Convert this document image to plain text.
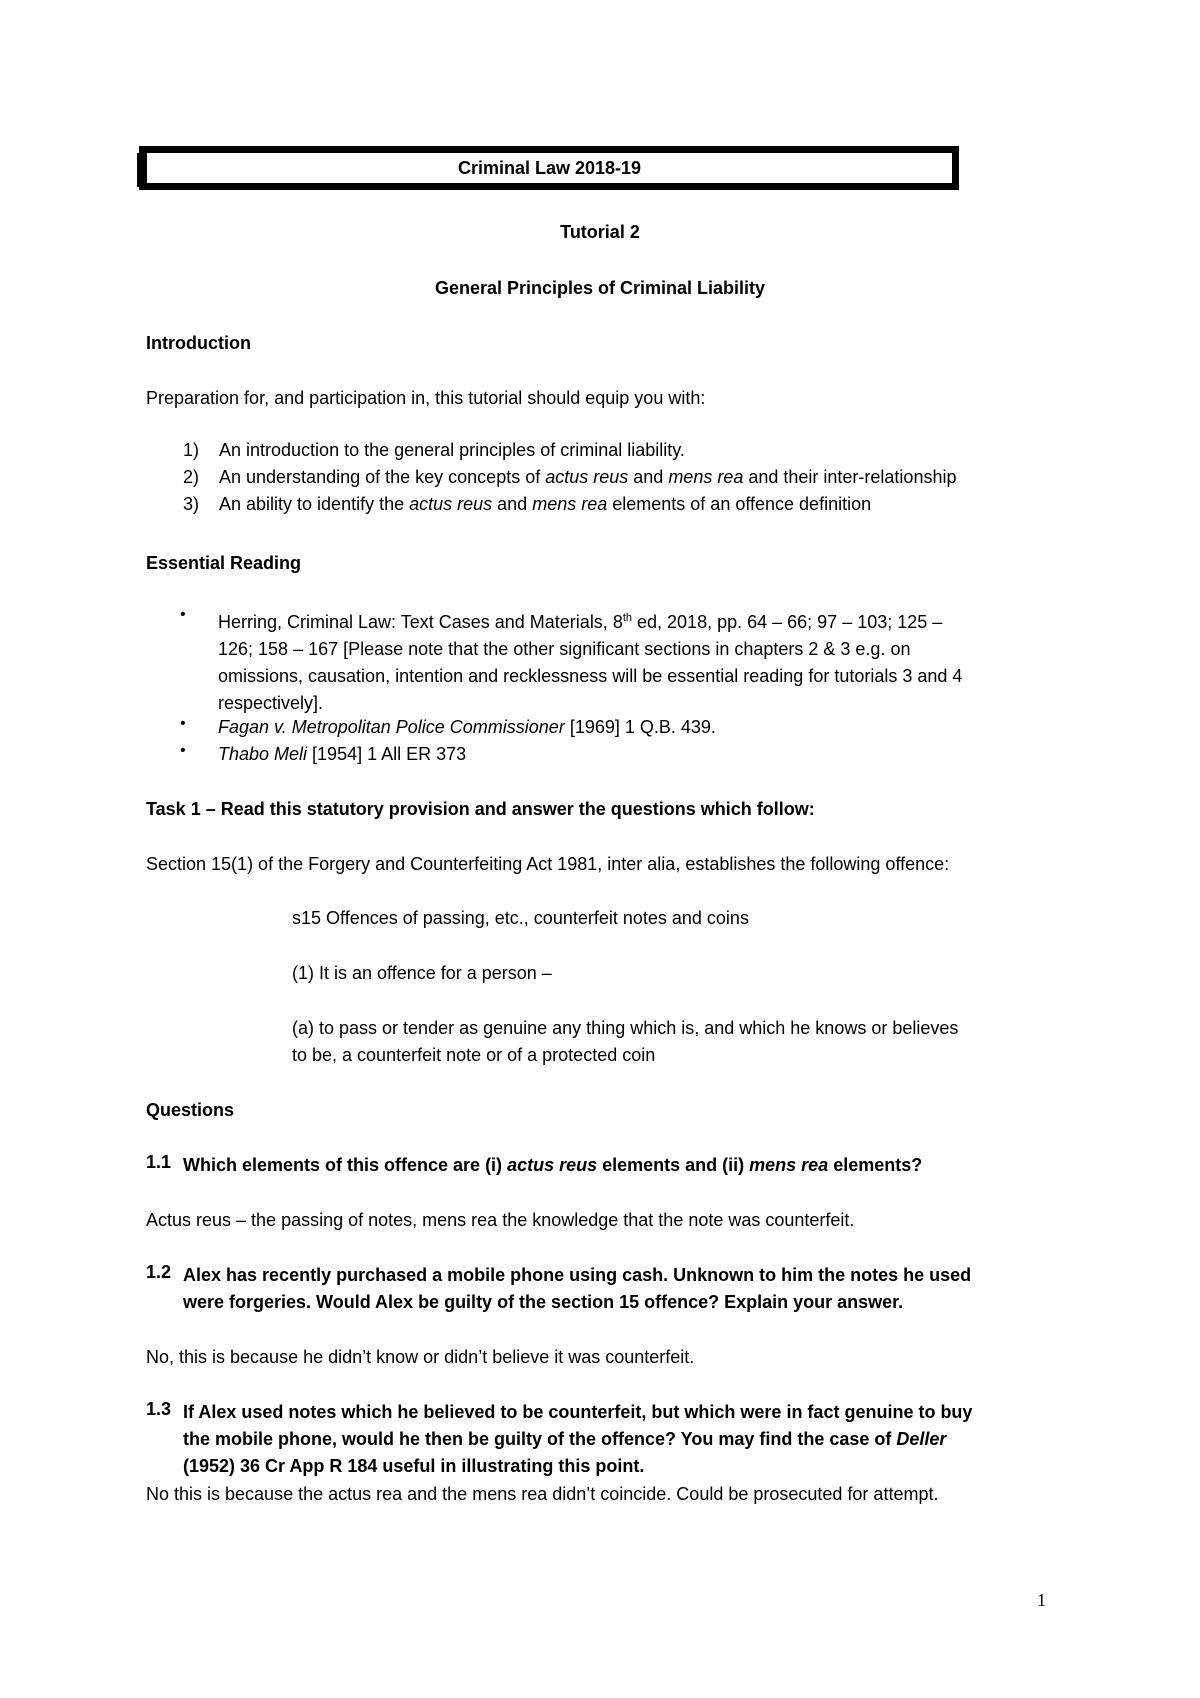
Criminal Law 2018-19
Tutorial 2
General Principles of Criminal Liability
Introduction
Preparation for, and participation in, this tutorial should equip you with:
1) An introduction to the general principles of criminal liability.
2) An understanding of the key concepts of actus reus and mens rea and their inter-relationship
3) An ability to identify the actus reus and mens rea elements of an offence definition
Essential Reading
• Herring, Criminal Law: Text Cases and Materials, 8th ed, 2018, pp. 64 – 66; 97 – 103; 125 –
126; 158 – 167 [Please note that the other significant sections in chapters 2 & 3 e.g. on
omissions, causation, intention and recklessness will be essential reading for tutorials 3 and 4
respectively].
• Fagan v. Metropolitan Police Commissioner [1969] 1 Q.B. 439.
• Thabo Meli [1954] 1 All ER 373
Task 1 – Read this statutory provision and answer the questions which follow:
Section 15(1) of the Forgery and Counterfeiting Act 1981, inter alia, establishes the following offence:
s15 Offences of passing, etc., counterfeit notes and coins
(1) It is an offence for a person –
(a) to pass or tender as genuine any thing which is, and which he knows or believes
to be, a counterfeit note or of a protected coin
Questions
1.1 Which elements of this offence are (i) actus reus elements and (ii) mens rea elements?
Actus reus – the passing of notes, mens rea the knowledge that the note was counterfeit.
1.2 Alex has recently purchased a mobile phone using cash. Unknown to him the notes he used
were forgeries. Would Alex be guilty of the section 15 offence? Explain your answer.
No, this is because he didn’t know or didn’t believe it was counterfeit.
1.3 If Alex used notes which he believed to be counterfeit, but which were in fact genuine to buy
the mobile phone, would he then be guilty of the offence? You may find the case of Deller
(1952) 36 Cr App R 184 useful in illustrating this point.
No this is because the actus rea and the mens rea didn’t coincide. Could be prosecuted for attempt.
1
